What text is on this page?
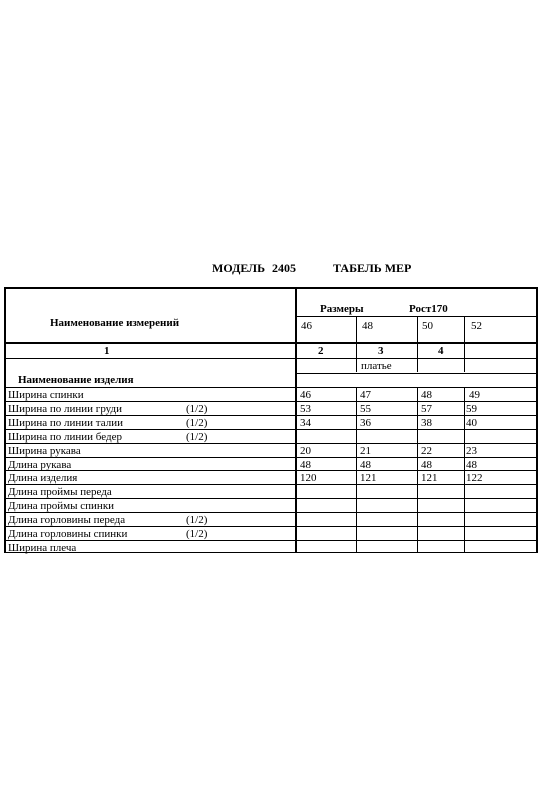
МОДЕЛЬ 2405	ТАБЕЛЬ МЕР
Размеры	Рост170
Наименование измерений	46	48	50	52
1	2	3	4
платье
Наименование изделия
Ширина спинки	46	47	48	49
Ширина по линии груди	(1/2)	53	55	57	59
Ширина по линии талии	(1/2)	34	36	38	40
Ширина по линии бедер	(1/2)
Ширина рукава	20	21	22	23
Длина рукава	48	48	48	48
Длина изделия	120	121	121	122
Длина проймы переда
Длина проймы спинки
Длина горловины переда	(1/2)
Длина горловины спинки	(1/2)
Ширина плеча
